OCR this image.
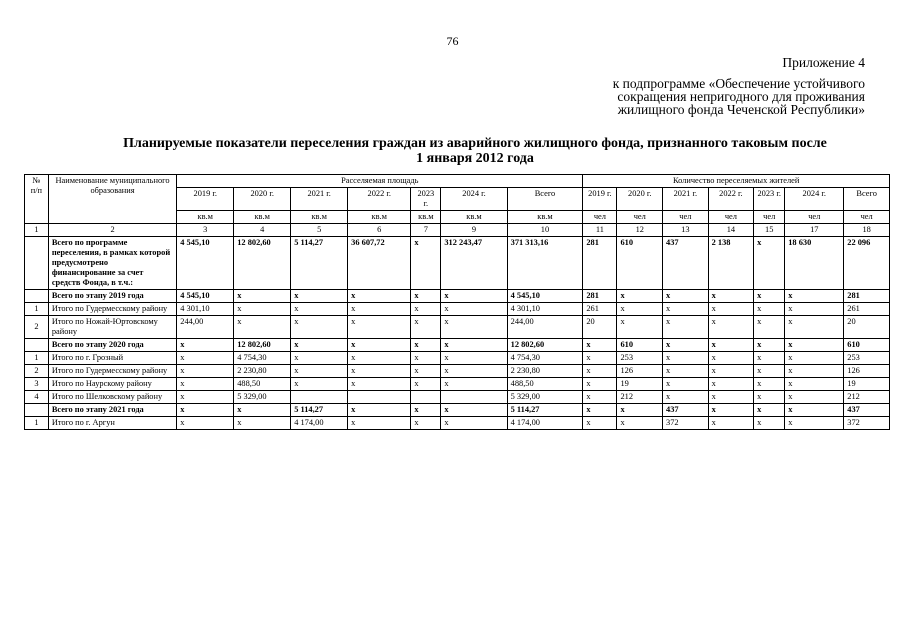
76
Приложение 4
к подпрограмме «Обеспечение устойчивого
сокращения непригодного для проживания
жилищного фонда Чеченской Республики»
Планируемые показатели переселения граждан из аварийного жилищного фонда, признанного таковым после
1 января 2012 года
№ п/п	Наименование муниципального образования	Расселяемая площадь							Количество переселяемых жителей						
		2019 г.	2020 г.	2021 г.	2022 г.	2023 г.	2024 г.	Всего	2019 г.	2020 г.	2021 г.	2022 г.	2023 г.	2024 г.	Всего
		кв.м	кв.м	кв.м	кв.м	кв.м	кв.м	кв.м	чел	чел	чел	чел	чел	чел	чел
1	2	3	4	5	6	7	9	10	11	12	13	14	15	17	18
	Всего по программе переселения, в рамках которой предусмотрено финансирование за счет средств Фонда, в т.ч.:	4 545,10	12 802,60	5 114,27	36 607,72	x	312 243,47	371 313,16	281	610	437	2 138	x	18 630	22 096
	Всего по этапу 2019 года	4 545,10	x	x	x	x	x	4 545,10	281	x	x	x	x	x	281
1	Итого по Гудермесскому району	4 301,10	x	x	x	x	x	4 301,10	261	x	x	x	x	x	261
2	Итого по Ножай-Юртовскому району	244,00	x	x	x	x	x	244,00	20	x	x	x	x	x	20
	Всего по этапу 2020 года	x	12 802,60	x	x	x	x	12 802,60	x	610	x	x	x	x	610
1	Итого по г. Грозный	x	4 754,30	x	x	x	x	4 754,30	x	253	x	x	x	x	253
2	Итого по Гудермесскому району	x	2 230,80	x	x	x	x	2 230,80	x	126	x	x	x	x	126
3	Итого по Наурскому району	x	488,50	x	x	x	x	488,50	x	19	x	x	x	x	19
4	Итого по Шелковскому району	x	5 329,00					5 329,00	x	212	x	x	x	x	212
	Всего по этапу 2021 года	x	x	5 114,27	x	x	x	5 114,27	x	x	437	x	x	x	437
1	Итого по г. Аргун	x	x	4 174,00	x	x	x	4 174,00	x	x	372	x	x	x	372
